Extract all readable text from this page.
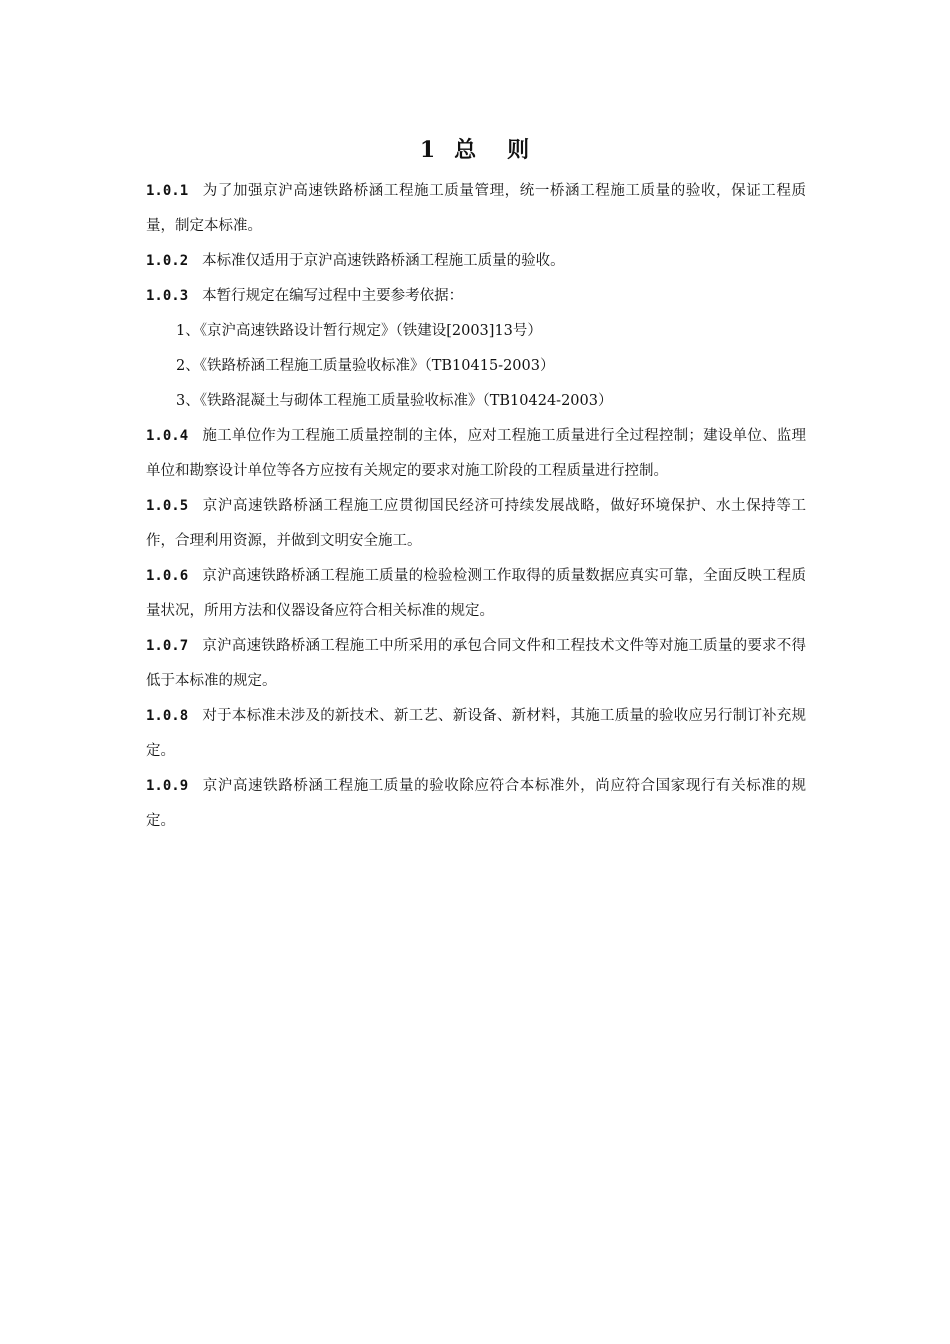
1 总 则

1.0.1 为了加强京沪高速铁路桥涵工程施工质量管理，统一桥涵工程施工质量的验收，保证工程质量，制定本标准。

1.0.2 本标准仅适用于京沪高速铁路桥涵工程施工质量的验收。

1.0.3 本暂行规定在编写过程中主要参考依据：

1、《京沪高速铁路设计暂行规定》（铁建设[2003]13号）

2、《铁路桥涵工程施工质量验收标准》（TB10415-2003）

3、《铁路混凝土与砌体工程施工质量验收标准》（TB10424-2003）

1.0.4 施工单位作为工程施工质量控制的主体，应对工程施工质量进行全过程控制；建设单位、监理单位和勘察设计单位等各方应按有关规定的要求对施工阶段的工程质量进行控制。

1.0.5 京沪高速铁路桥涵工程施工应贯彻国民经济可持续发展战略，做好环境保护、水土保持等工作，合理利用资源，并做到文明安全施工。

1.0.6 京沪高速铁路桥涵工程施工质量的检验检测工作取得的质量数据应真实可靠，全面反映工程质量状况，所用方法和仪器设备应符合相关标准的规定。

1.0.7 京沪高速铁路桥涵工程施工中所采用的承包合同文件和工程技术文件等对施工质量的要求不得低于本标准的规定。

1.0.8 对于本标准未涉及的新技术、新工艺、新设备、新材料，其施工质量的验收应另行制订补充规定。

1.0.9 京沪高速铁路桥涵工程施工质量的验收除应符合本标准外，尚应符合国家现行有关标准的规定。
